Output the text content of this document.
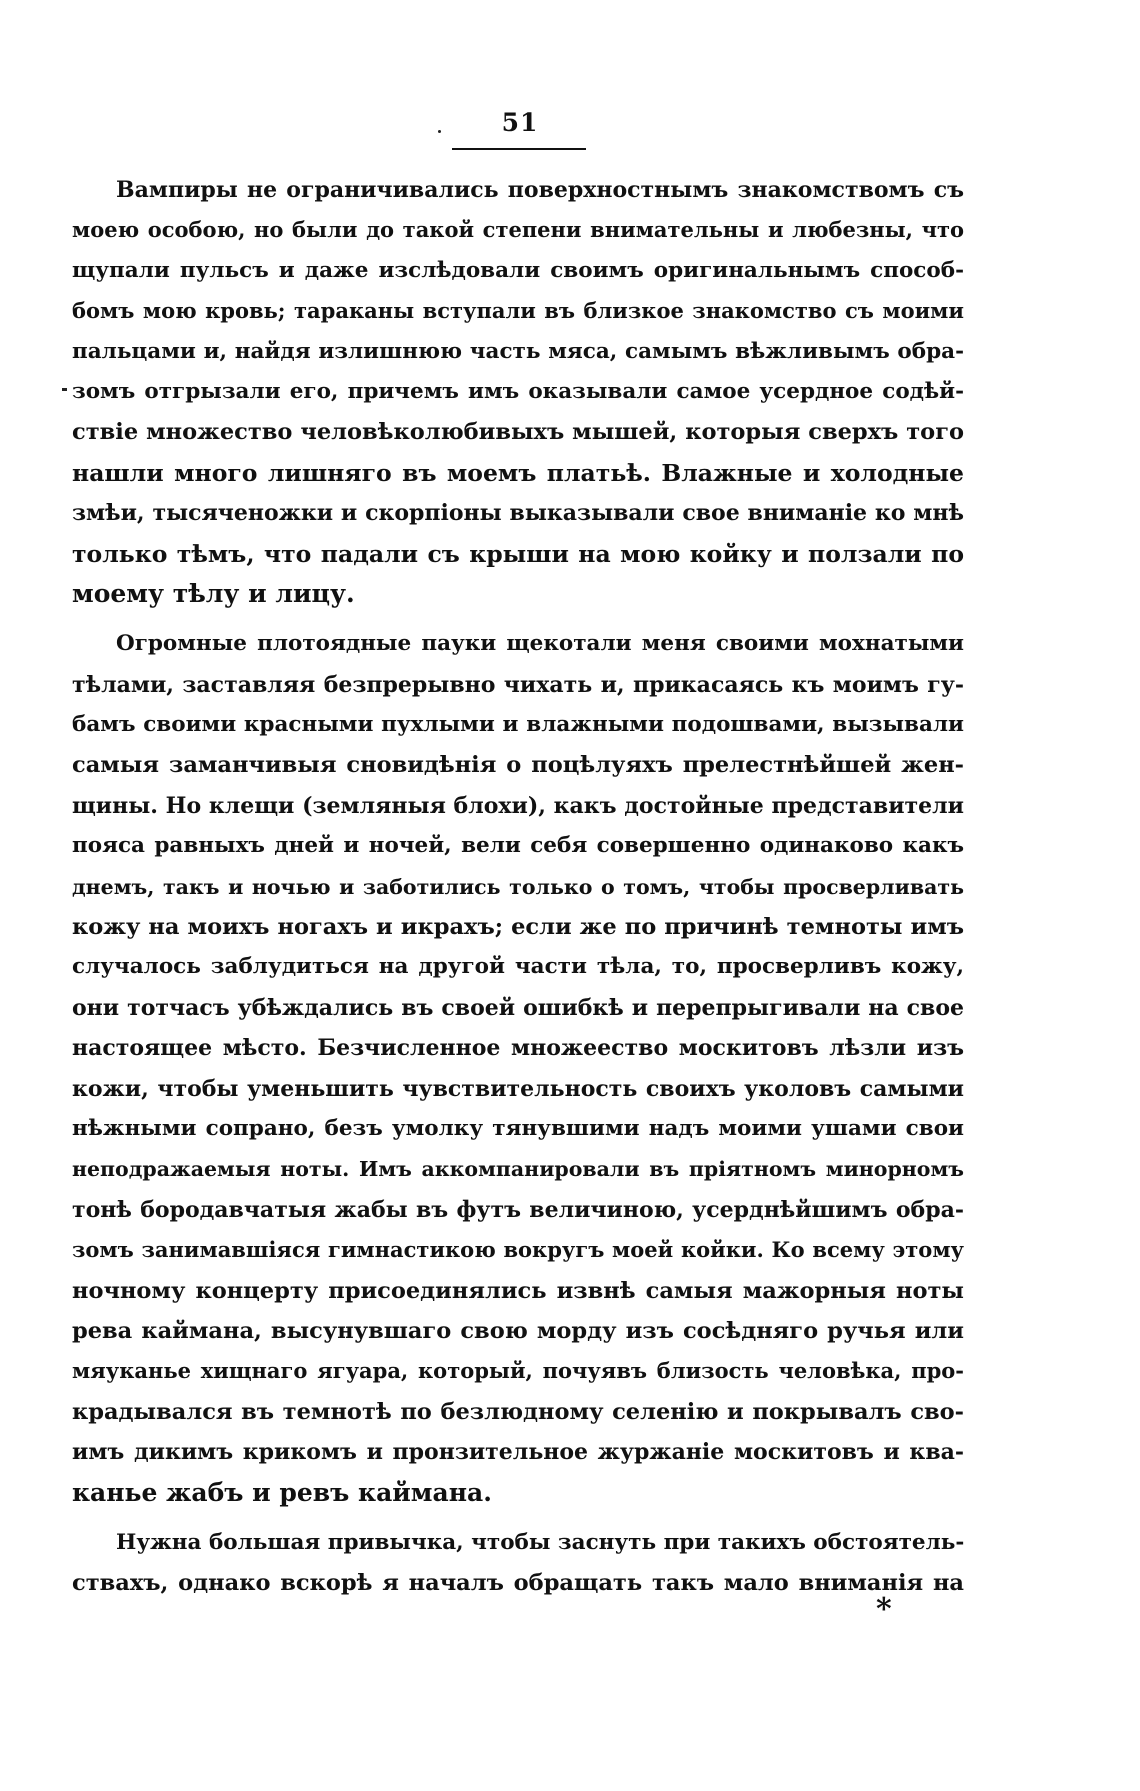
51
Вампиры не ограничивались поверхностнымъ знакомствомъ съ
моею особою, но были до такой степени внимательны и любезны, что
щупали пульсъ и даже изслѣдовали своимъ оригинальнымъ способ-
бомъ мою кровь; тараканы вступали въ близкое знакомство съ моими
пальцами и, найдя излишнюю часть мяса, самымъ вѣжливымъ обра-
зомъ отгрызали его, причемъ имъ оказывали самое усердное содѣй-
ствіе множество человѣколюбивыхъ мышей, которыя сверхъ того
нашли много лишняго въ моемъ платьѣ. Влажные и холодные
змѣи, тысяченожки и скорпіоны выказывали свое вниманіе ко мнѣ
только тѣмъ, что падали съ крыши на мою койку и ползали по
моему тѣлу и лицу.
Огромные плотоядные пауки щекотали меня своими мохнатыми
тѣлами, заставляя безпрерывно чихать и, прикасаясь къ моимъ гу-
бамъ своими красными пухлыми и влажными подошвами, вызывали
самыя заманчивыя сновидѣнія о поцѣлуяхъ прелестнѣйшей жен-
щины. Но клещи (земляныя блохи), какъ достойные представители
пояса равныхъ дней и ночей, вели себя совершенно одинаково какъ
днемъ, такъ и ночью и заботились только о томъ, чтобы просверливать
кожу на моихъ ногахъ и икрахъ; если же по причинѣ темноты имъ
случалось заблудиться на другой части тѣла, то, просверливъ кожу,
они тотчасъ убѣждались въ своей ошибкѣ и перепрыгивали на свое
настоящее мѣсто. Безчисленное множеество москитовъ лѣзли изъ
кожи, чтобы уменьшить чувствительность своихъ уколовъ самыми
нѣжными сопрано, безъ умолку тянувшими надъ моими ушами свои
неподражаемыя ноты. Имъ аккомпанировали въ пріятномъ минорномъ
тонѣ бородавчатыя жабы въ футъ величиною, усерднѣйшимъ обра-
зомъ занимавшіяся гимнастикою вокругъ моей койки. Ко всему этому
ночному концерту присоединялись извнѣ самыя мажорныя ноты
рева каймана, высунувшаго свою морду изъ сосѣдняго ручья или
мяуканье хищнаго ягуара, который, почуявъ близость человѣка, про-
крадывался въ темнотѣ по безлюдному селенію и покрывалъ сво-
имъ дикимъ крикомъ и пронзительное журжаніе москитовъ и ква-
канье жабъ и ревъ каймана.
Нужна большая привычка, чтобы заснуть при такихъ обстоятель-
ствахъ, однако вскорѣ я началъ обращать такъ мало вниманія на
*
